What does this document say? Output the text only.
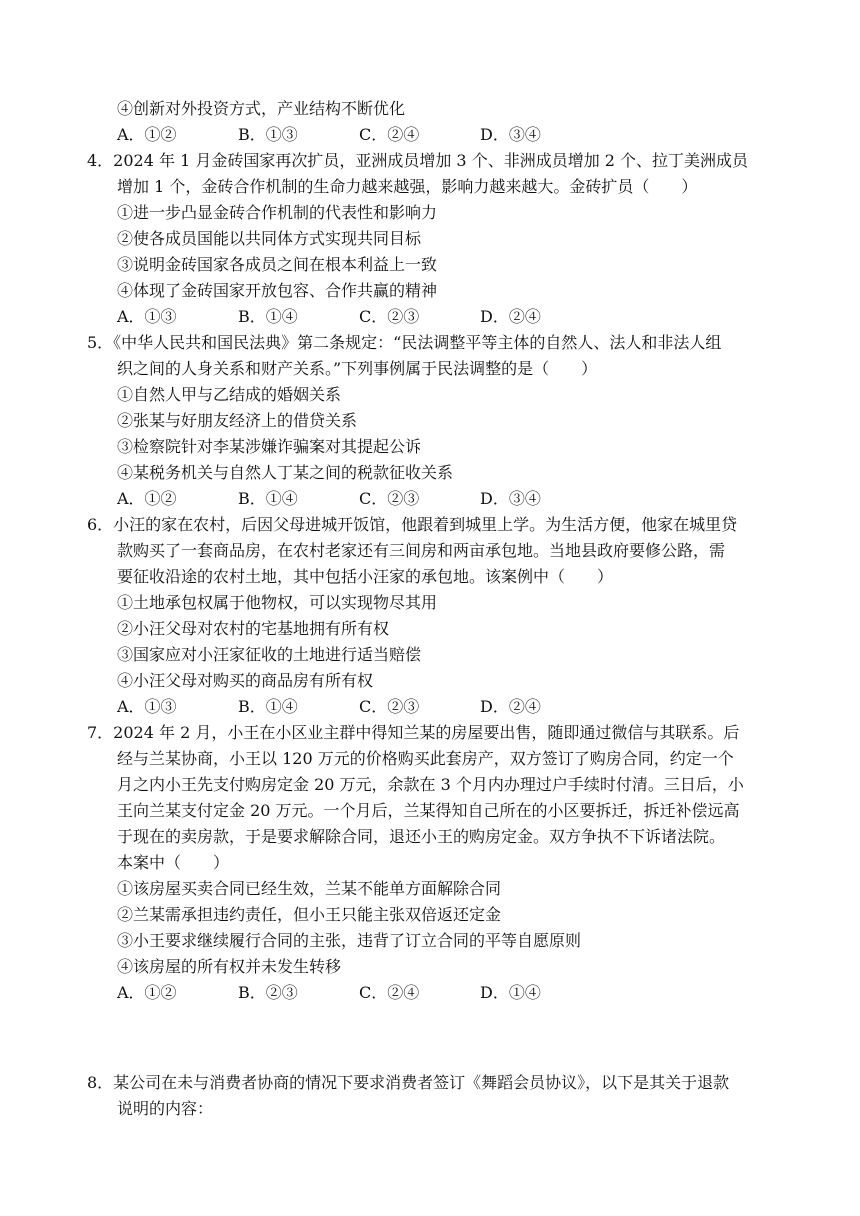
④创新对外投资方式，产业结构不断优化
A．①②	B．①③	C．②④	D．③④
4．2024 年 1 月金砖国家再次扩员，亚洲成员增加 3 个、非洲成员增加 2 个、拉丁美洲成员
增加 1 个，金砖合作机制的生命力越来越强，影响力越来越大。金砖扩员（　　）
①进一步凸显金砖合作机制的代表性和影响力
②使各成员国能以共同体方式实现共同目标
③说明金砖国家各成员之间在根本利益上一致
④体现了金砖国家开放包容、合作共赢的精神
A．①③	B．①④	C．②③	D．②④
5．《中华人民共和国民法典》第二条规定：“民法调整平等主体的自然人、法人和非法人组
织之间的人身关系和财产关系。”下列事例属于民法调整的是（　　）
①自然人甲与乙结成的婚姻关系
②张某与好朋友经济上的借贷关系
③检察院针对李某涉嫌诈骗案对其提起公诉
④某税务机关与自然人丁某之间的税款征收关系
A．①②	B．①④	C．②③	D．③④
6．小汪的家在农村，后因父母进城开饭馆，他跟着到城里上学。为生活方便，他家在城里贷
款购买了一套商品房，在农村老家还有三间房和两亩承包地。当地县政府要修公路，需
要征收沿途的农村土地，其中包括小汪家的承包地。该案例中（　　）
①土地承包权属于他物权，可以实现物尽其用
②小汪父母对农村的宅基地拥有所有权
③国家应对小汪家征收的土地进行适当赔偿
④小汪父母对购买的商品房有所有权
A．①③	B．①④	C．②③	D．②④
7．2024 年 2 月，小王在小区业主群中得知兰某的房屋要出售，随即通过微信与其联系。后
经与兰某协商，小王以 120 万元的价格购买此套房产，双方签订了购房合同，约定一个
月之内小王先支付购房定金 20 万元，余款在 3 个月内办理过户手续时付清。三日后，小
王向兰某支付定金 20 万元。一个月后，兰某得知自己所在的小区要拆迁，拆迁补偿远高
于现在的卖房款，于是要求解除合同，退还小王的购房定金。双方争执不下诉诸法院。
本案中（　　）
①该房屋买卖合同已经生效，兰某不能单方面解除合同
②兰某需承担违约责任，但小王只能主张双倍返还定金
③小王要求继续履行合同的主张，违背了订立合同的平等自愿原则
④该房屋的所有权并未发生转移
A．①②	B．②③	C．②④	D．①④
8．某公司在未与消费者协商的情况下要求消费者签订《舞蹈会员协议》，以下是其关于退款
说明的内容：
